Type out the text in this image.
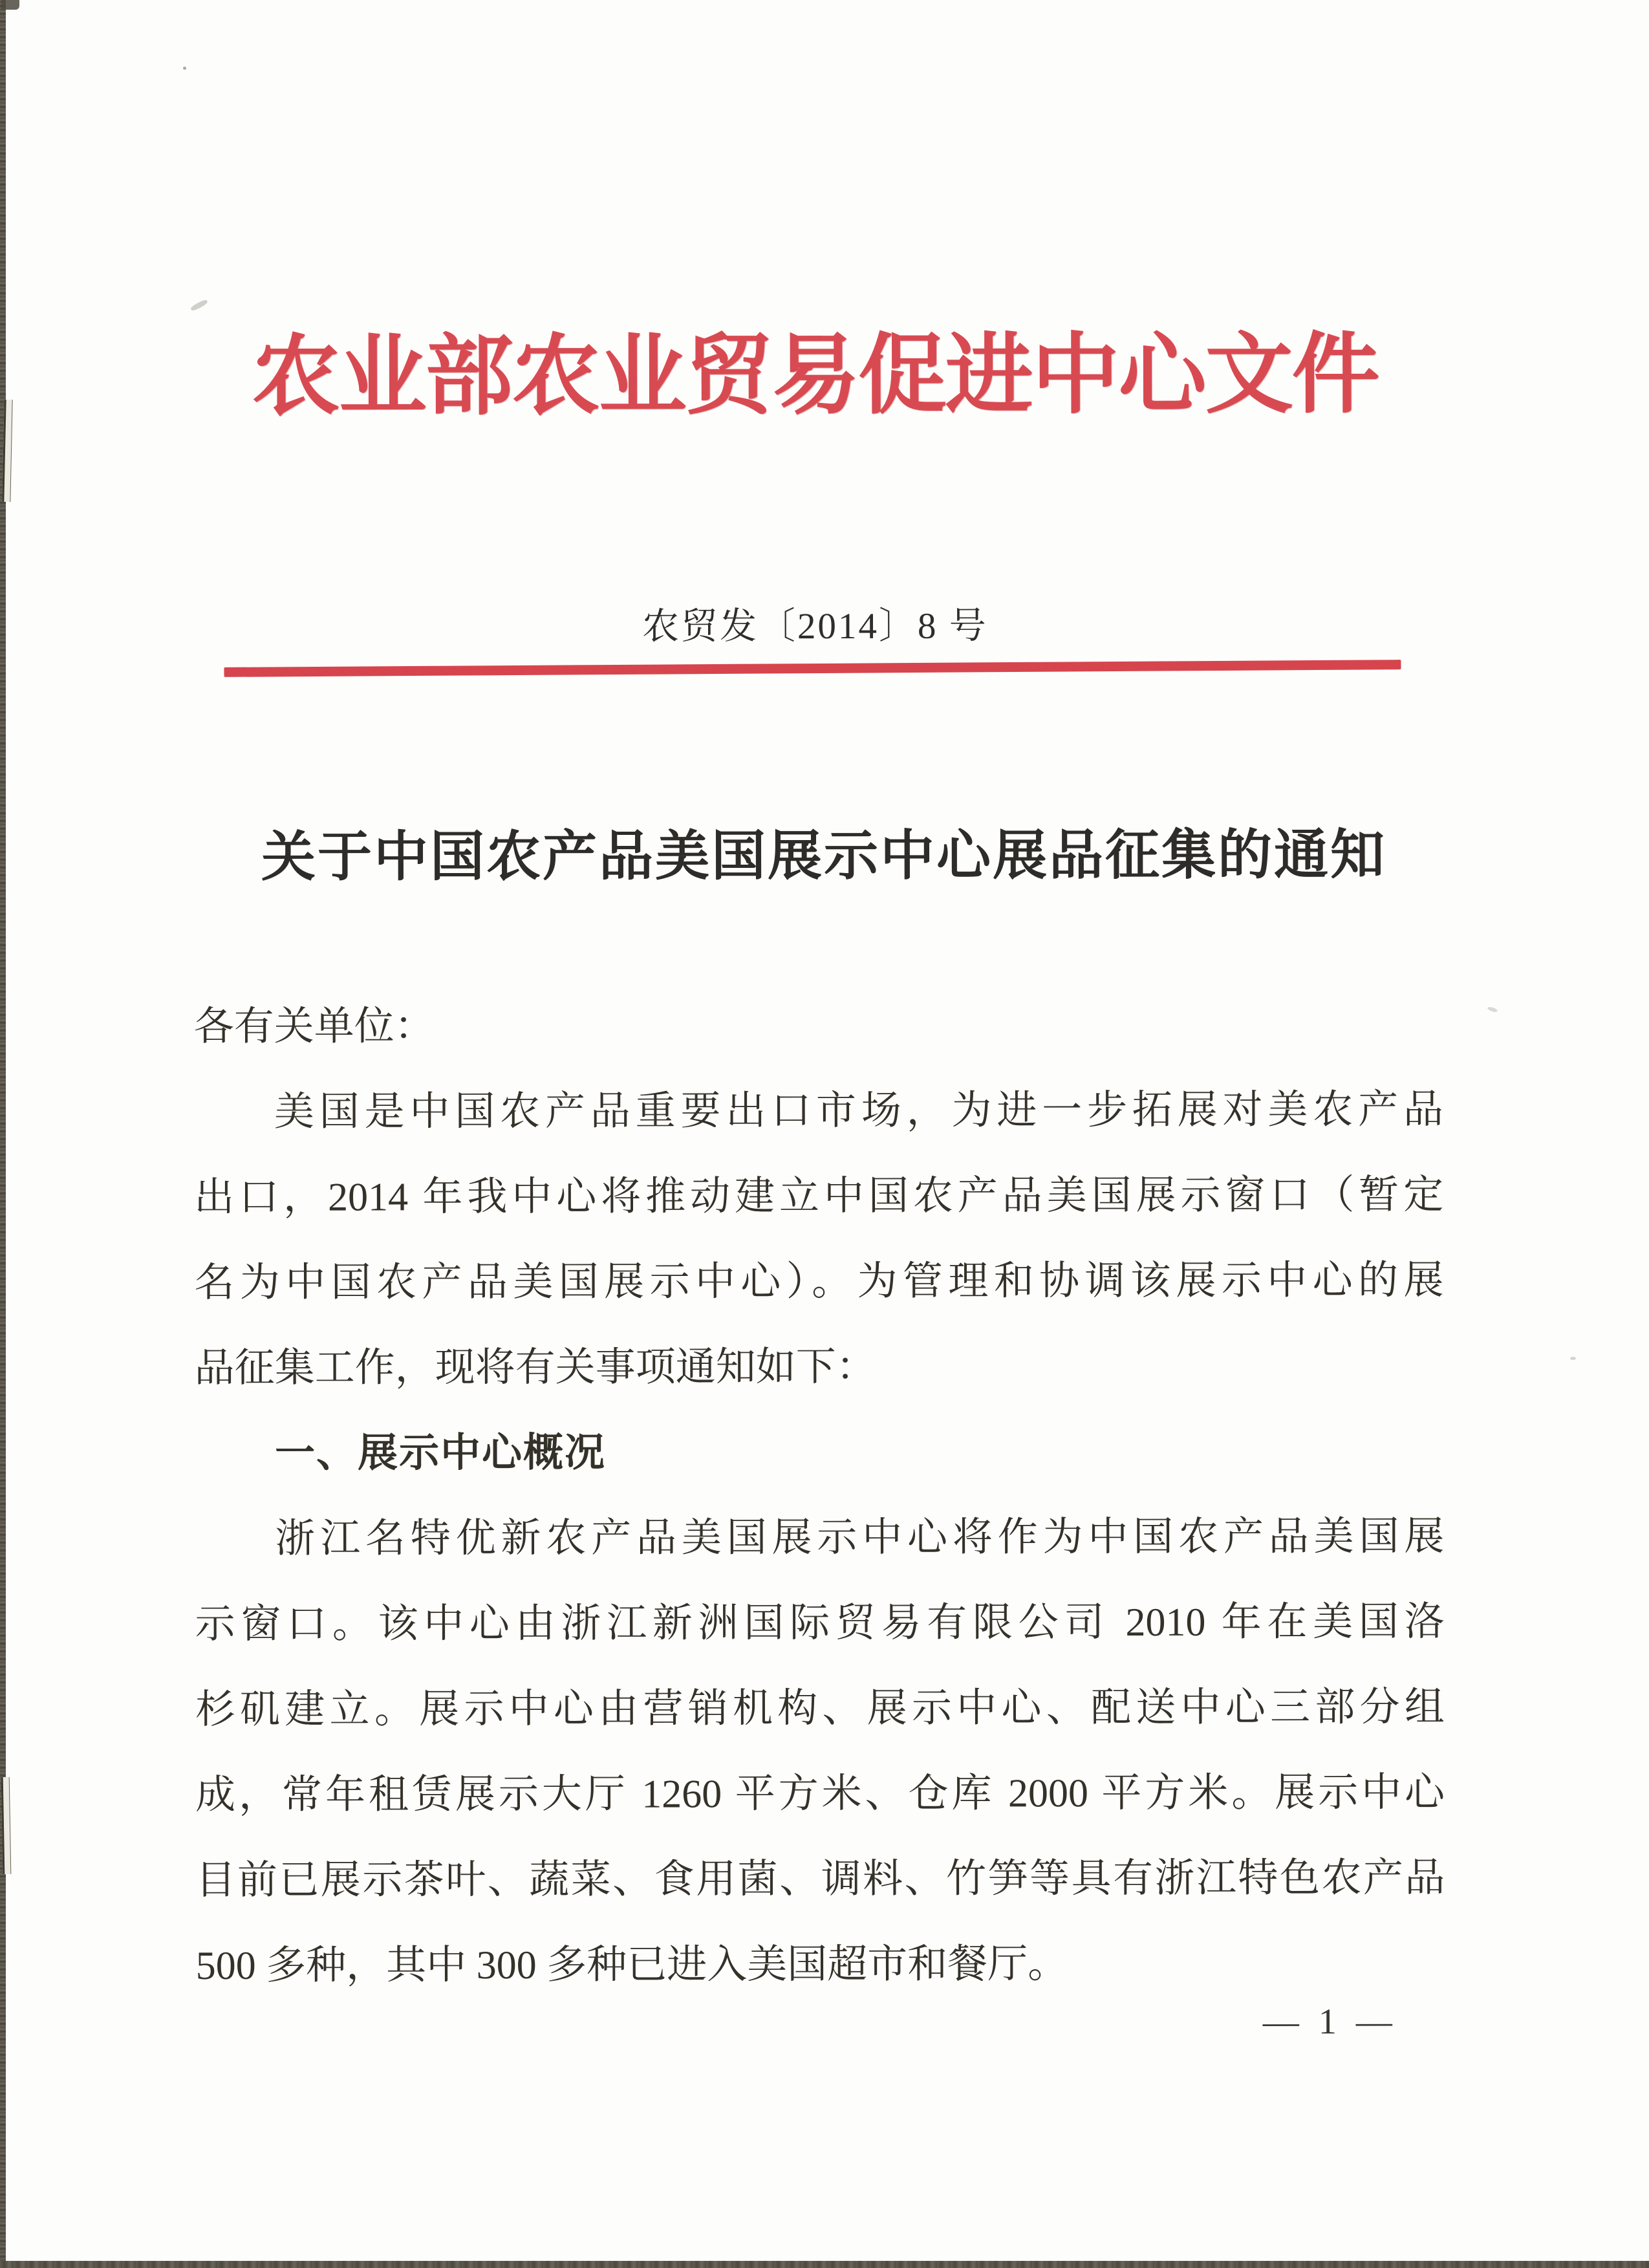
农业部农业贸易促进中心文件
农贸发〔2014〕8 号
关于中国农产品美国展示中心展品征集的通知
各有关单位：
美国是中国农产品重要出口市场，为进一步拓展对美农产品
出口，2014 年我中心将推动建立中国农产品美国展示窗口（暂定
名为中国农产品美国展示中心）。为管理和协调该展示中心的展
品征集工作，现将有关事项通知如下：
一、展示中心概况
浙江名特优新农产品美国展示中心将作为中国农产品美国展
示窗口。该中心由浙江新洲国际贸易有限公司 2010 年在美国洛
杉矶建立。展示中心由营销机构、展示中心、配送中心三部分组
成，常年租赁展示大厅 1260 平方米、仓库 2000 平方米。展示中心
目前已展示茶叶、蔬菜、食用菌、调料、竹笋等具有浙江特色农产品
500 多种，其中 300 多种已进入美国超市和餐厅。
— 1 —
